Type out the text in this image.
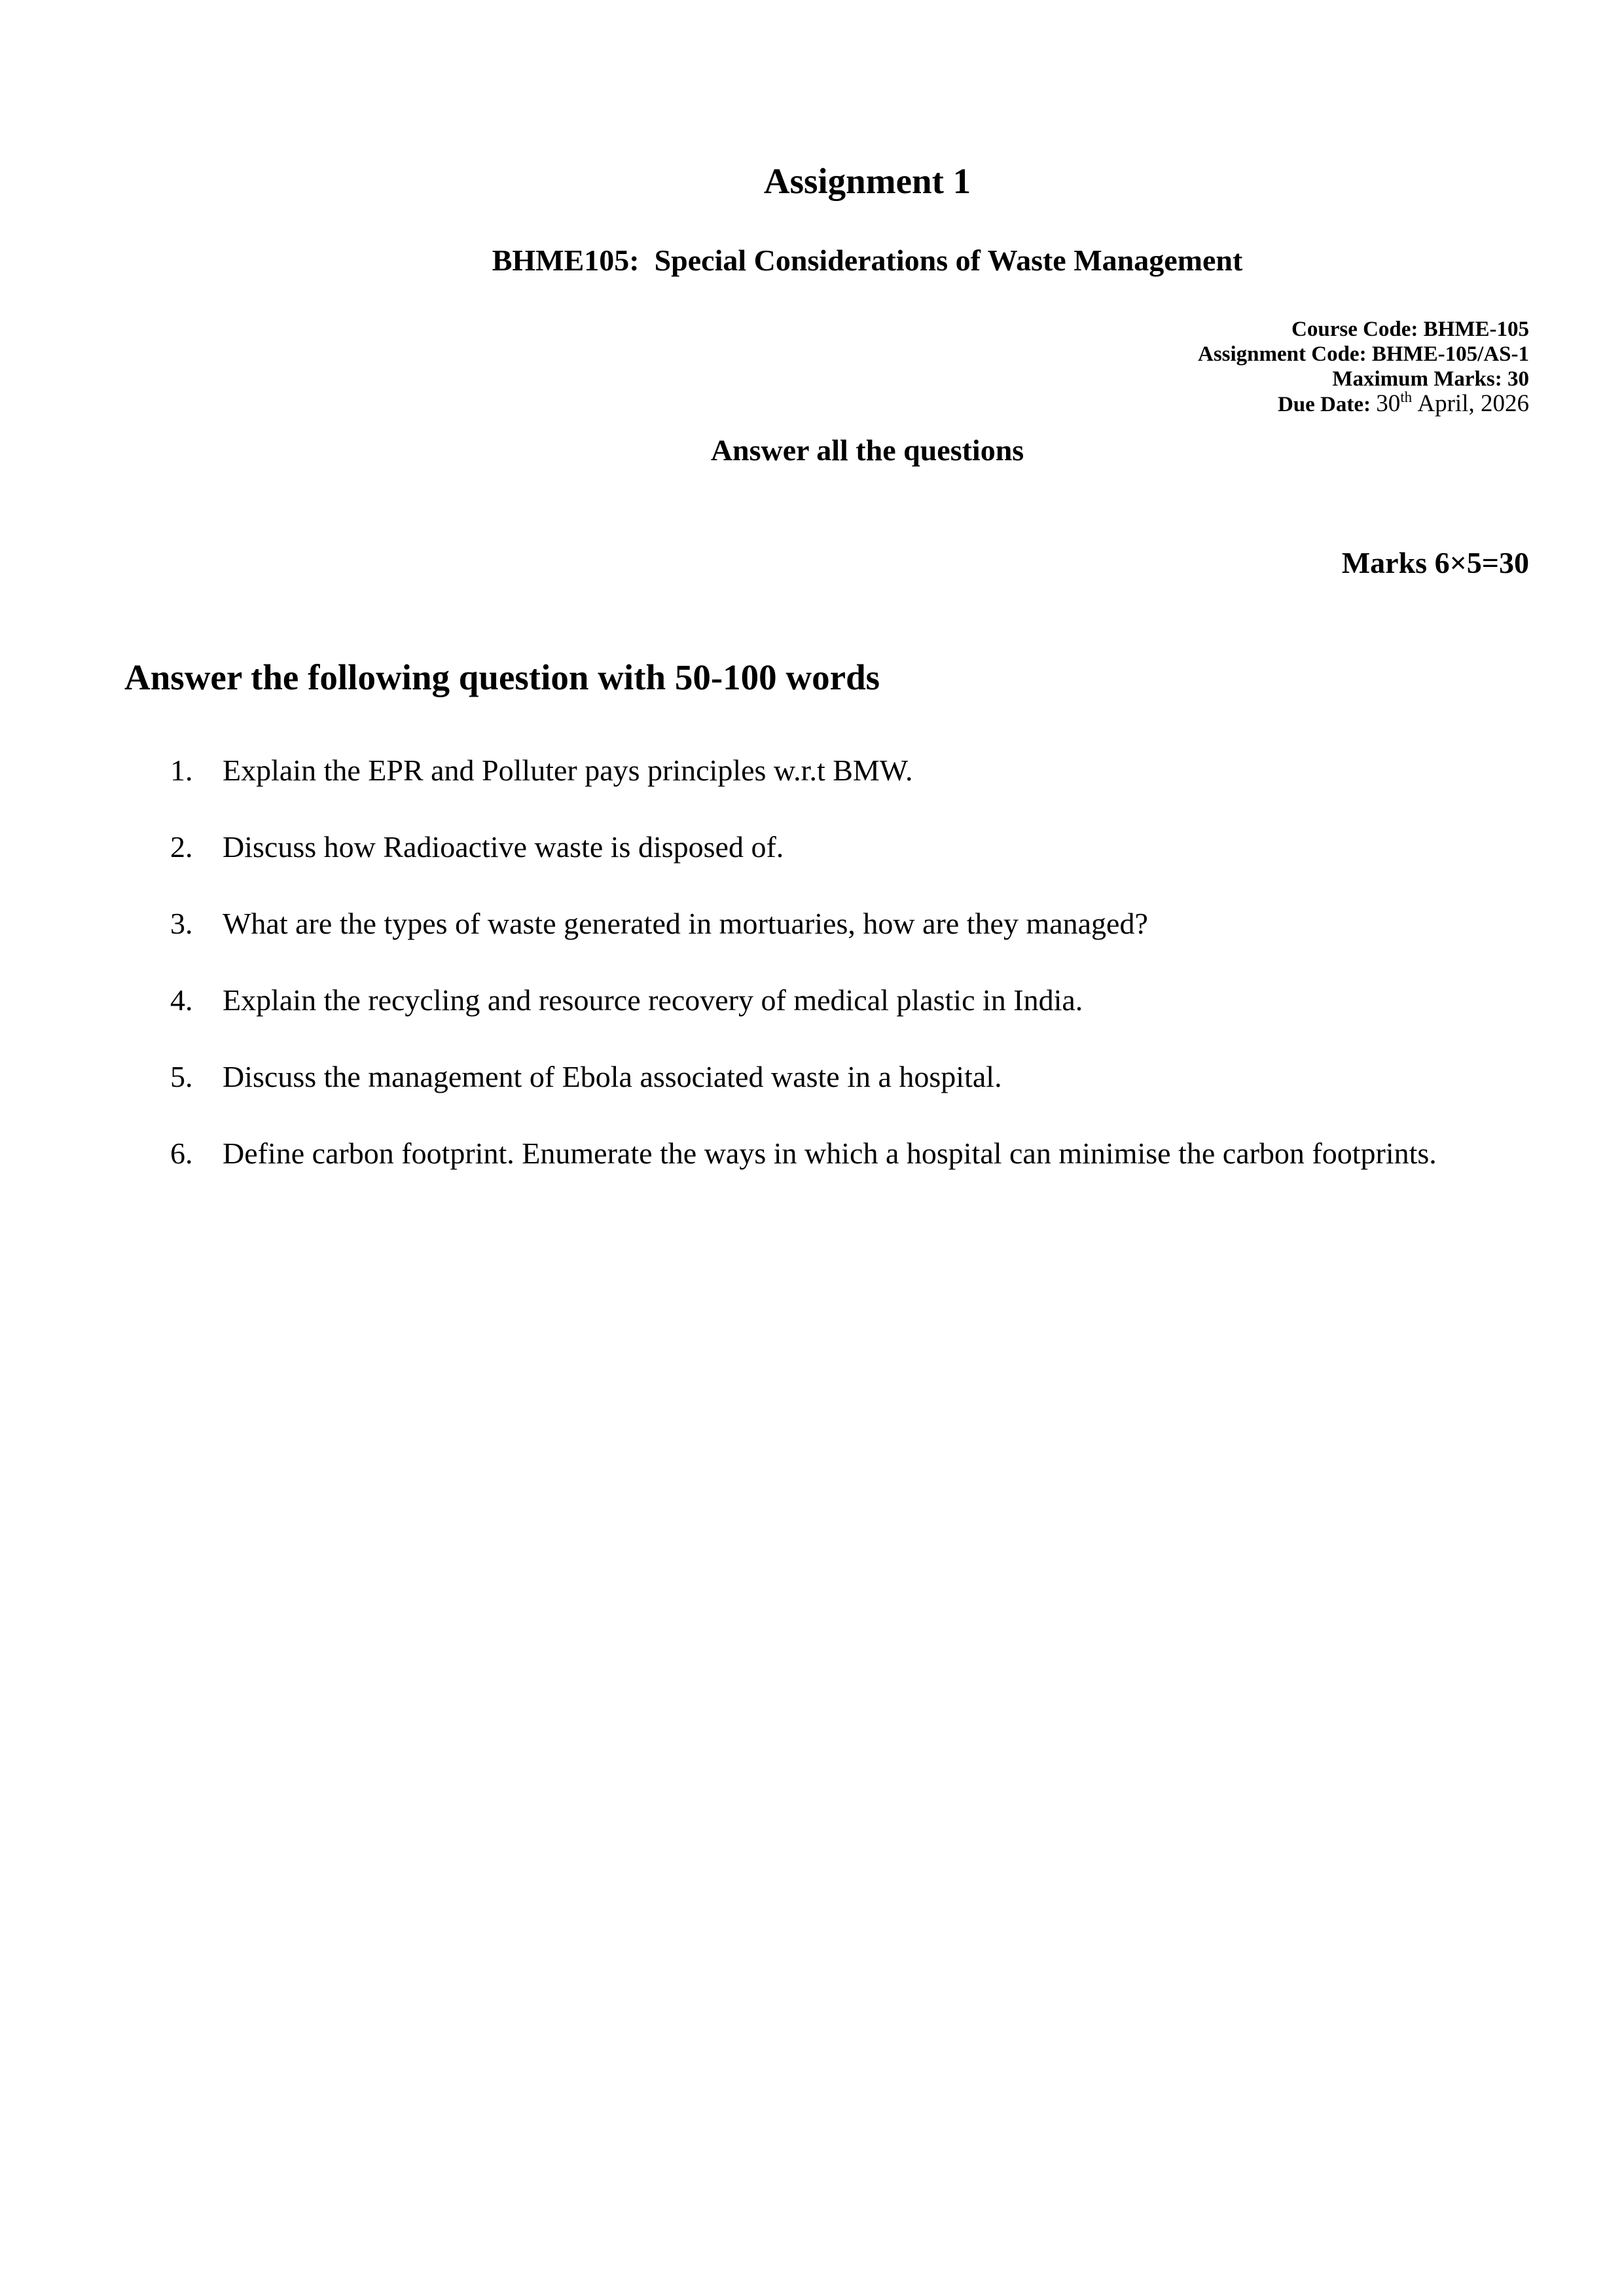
Assignment 1
BHME105:  Special Considerations of Waste Management
Course Code: BHME-105
Assignment Code: BHME-105/AS-1
Maximum Marks: 30
Due Date: 30th April, 2026
Answer all the questions
Marks 6×5=30
Answer the following question with 50-100 words
1. Explain the EPR and Polluter pays principles w.r.t BMW.
2. Discuss how Radioactive waste is disposed of.
3. What are the types of waste generated in mortuaries, how are they managed?
4. Explain the recycling and resource recovery of medical plastic in India.
5. Discuss the management of Ebola associated waste in a hospital.
6. Define carbon footprint. Enumerate the ways in which a hospital can minimise the carbon footprints.
